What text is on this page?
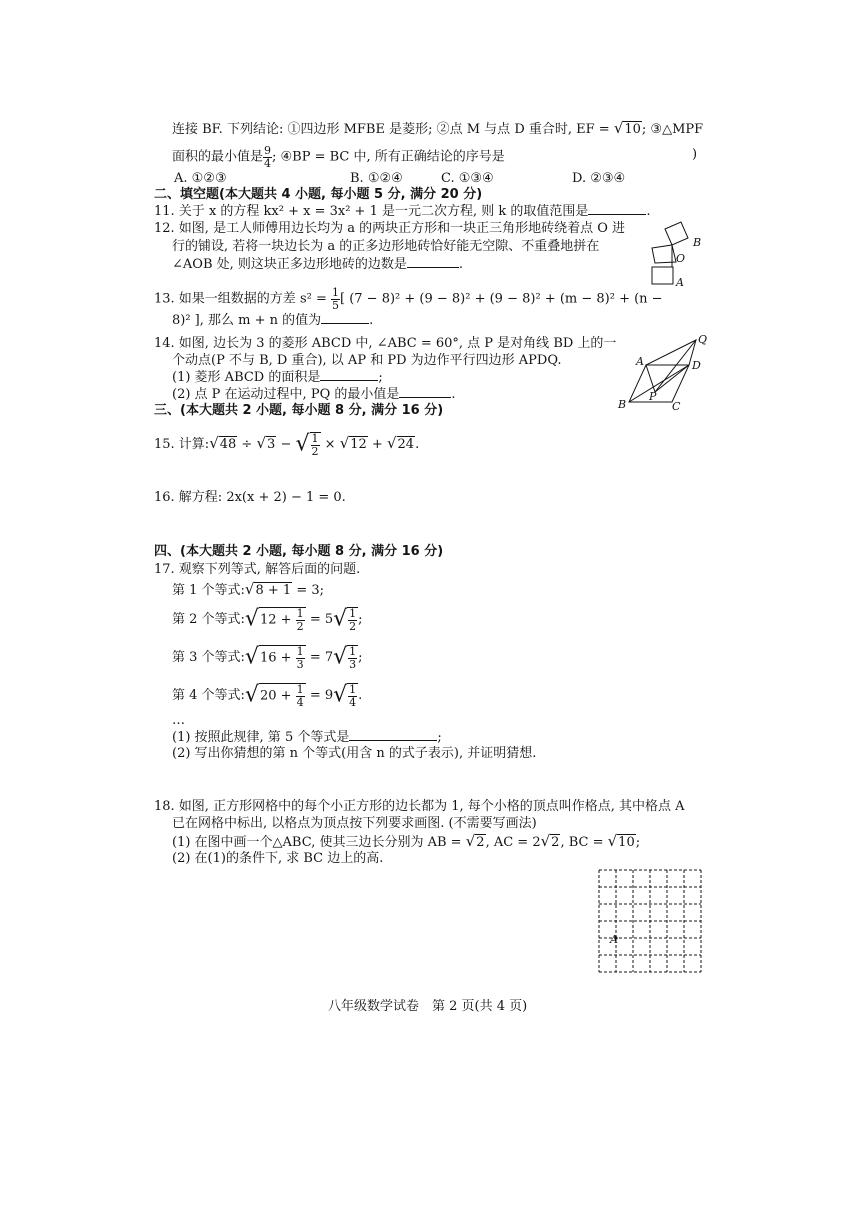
连接 BF. 下列结论: ①四边形 MFBE 是菱形; ②点 M 与点 D 重合时, EF = √10; ③△MPF
面积的最小值是 $\frac{9}{4}$ ; ④BP = BC 中, 所有正确结论的序号是	)
A. ①②③	B. ①②④	C. ①③④	D. ②③④
二、填空题(本大题共 4 小题, 每小题 5 分, 满分 20 分)
11. 关于 x 的方程 kx² + x = 3x² + 1 是一元二次方程, 则 k 的取值范围是	.
12. 如图, 是工人师傅用边长均为 a 的两块正方形和一块正三角形地砖绕着点 O 进
行的铺设, 若将一块边长为 a 的正多边形地砖恰好能无空隙、不重叠地拼在
∠AOB 处, 则这块正多边形地砖的边数是	.
B
O
A
13. 如果一组数据的方差 $s^2 = \frac{1}{5}$ [ (7 − 8)² + (9 − 8)² + (9 − 8)² + (m − 8)² + (n −
8)² ], 那么 m + n 的值为	.
14. 如图, 边长为 3 的菱形 ABCD 中, ∠ABC = 60°, 点 P 是对角线 BD 上的一
个动点(P 不与 B, D 重合), 以 AP 和 PD 为边作平行四边形 APDQ.
(1) 菱形 ABCD 的面积是	;
(2) 点 P 在运动过程中, PQ 的最小值是	.
Q
A	D
P
B	C
三、(本大题共 2 小题, 每小题 8 分, 满分 16 分)
15. 计算:√48 ÷ √3 − √ $\frac{1}{2} \times √12 + √24$.
16. 解方程: 2x(x + 2) − 1 = 0.
四、(本大题共 2 小题, 每小题 8 分, 满分 16 分)
17. 观察下列等式, 解答后面的问题.
第 1 个等式:√8 + 1 = 3;
第 2 个等式:√12 + $\frac{1}{2} = 5√ \frac{1}{2}$ ;
第 3 个等式:√16 + $\frac{1}{3} = 7√ \frac{1}{3}$ ;
第 4 个等式:√20 + $\frac{1}{4} = 9√ \frac{1}{4}$ .
…
(1) 按照此规律, 第 5 个等式是	;
(2) 写出你猜想的第 n 个等式(用含 n 的式子表示), 并证明猜想.
18. 如图, 正方形网格中的每个小正方形的边长都为 1, 每个小格的顶点叫作格点, 其中格点 A
已在网格中标出, 以格点为顶点按下列要求画图. (不需要写画法)
(1) 在图中画一个△ABC, 使其三边长分别为 AB = √2, AC = 2√2, BC = √10;
(2) 在(1)的条件下, 求 BC 边上的高.
A
八年级数学试卷　第 2 页(共 4 页)
